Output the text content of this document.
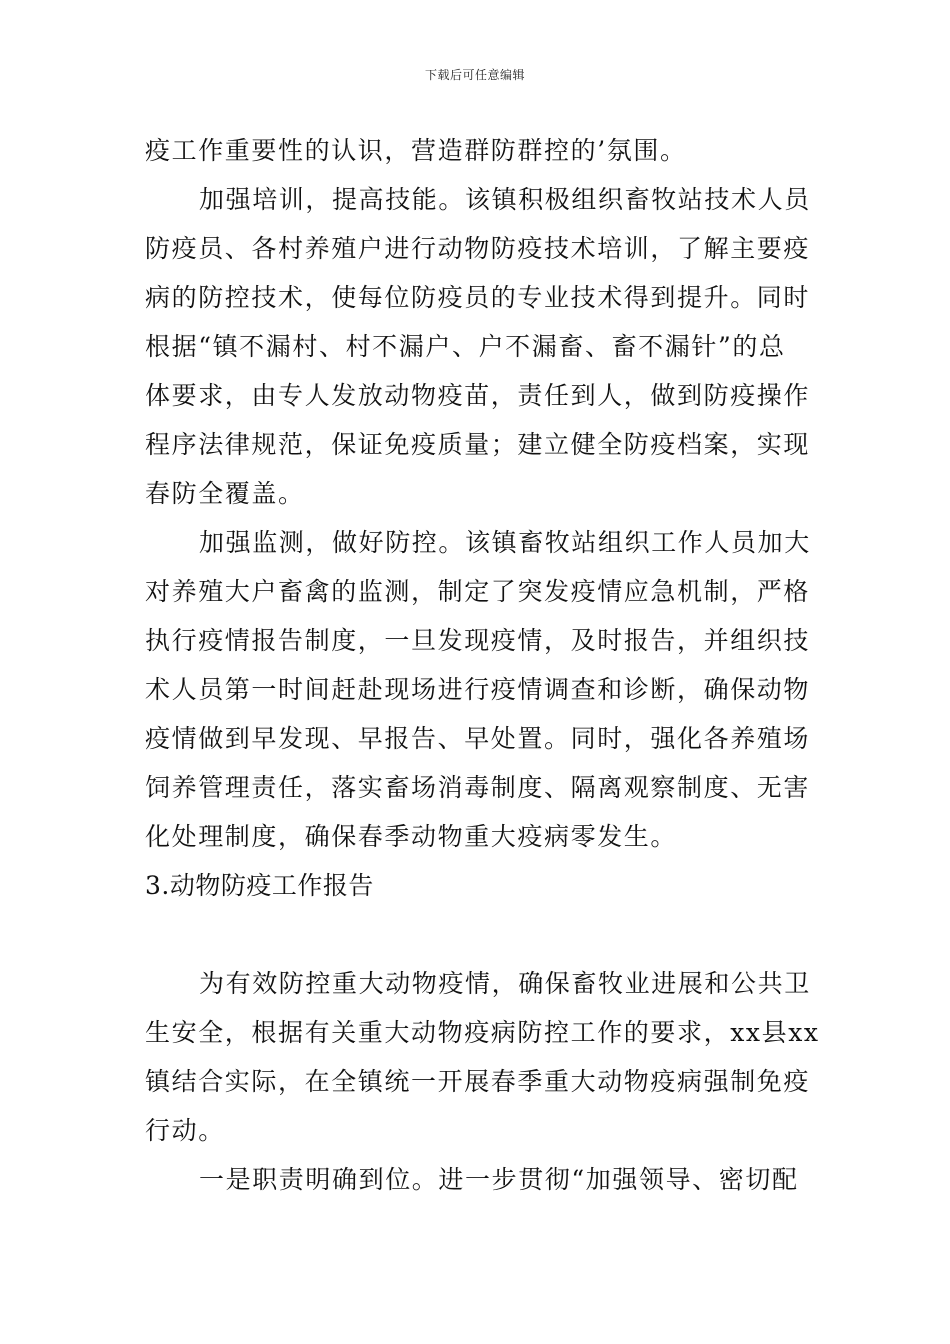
下载后可任意编辑
疫工作重要性的认识，营造群防群控的’氛围。
加强培训，提高技能。该镇积极组织畜牧站技术人员
防疫员、各村养殖户进行动物防疫技术培训，了解主要疫
病的防控技术，使每位防疫员的专业技术得到提升。同时
根据“镇不漏村、村不漏户、户不漏畜、畜不漏针”的总
体要求，由专人发放动物疫苗，责任到人，做到防疫操作
程序法律规范，保证免疫质量；建立健全防疫档案，实现
春防全覆盖。
加强监测，做好防控。该镇畜牧站组织工作人员加大
对养殖大户畜禽的监测，制定了突发疫情应急机制，严格
执行疫情报告制度，一旦发现疫情，及时报告，并组织技
术人员第一时间赶赴现场进行疫情调查和诊断，确保动物
疫情做到早发现、早报告、早处置。同时，强化各养殖场
饲养管理责任，落实畜场消毒制度、隔离观察制度、无害
化处理制度，确保春季动物重大疫病零发生。
3.动物防疫工作报告
为有效防控重大动物疫情，确保畜牧业进展和公共卫
生安全，根据有关重大动物疫病防控工作的要求，xx县xx
镇结合实际，在全镇统一开展春季重大动物疫病强制免疫
行动。
一是职责明确到位。进一步贯彻“加强领导、密切配
